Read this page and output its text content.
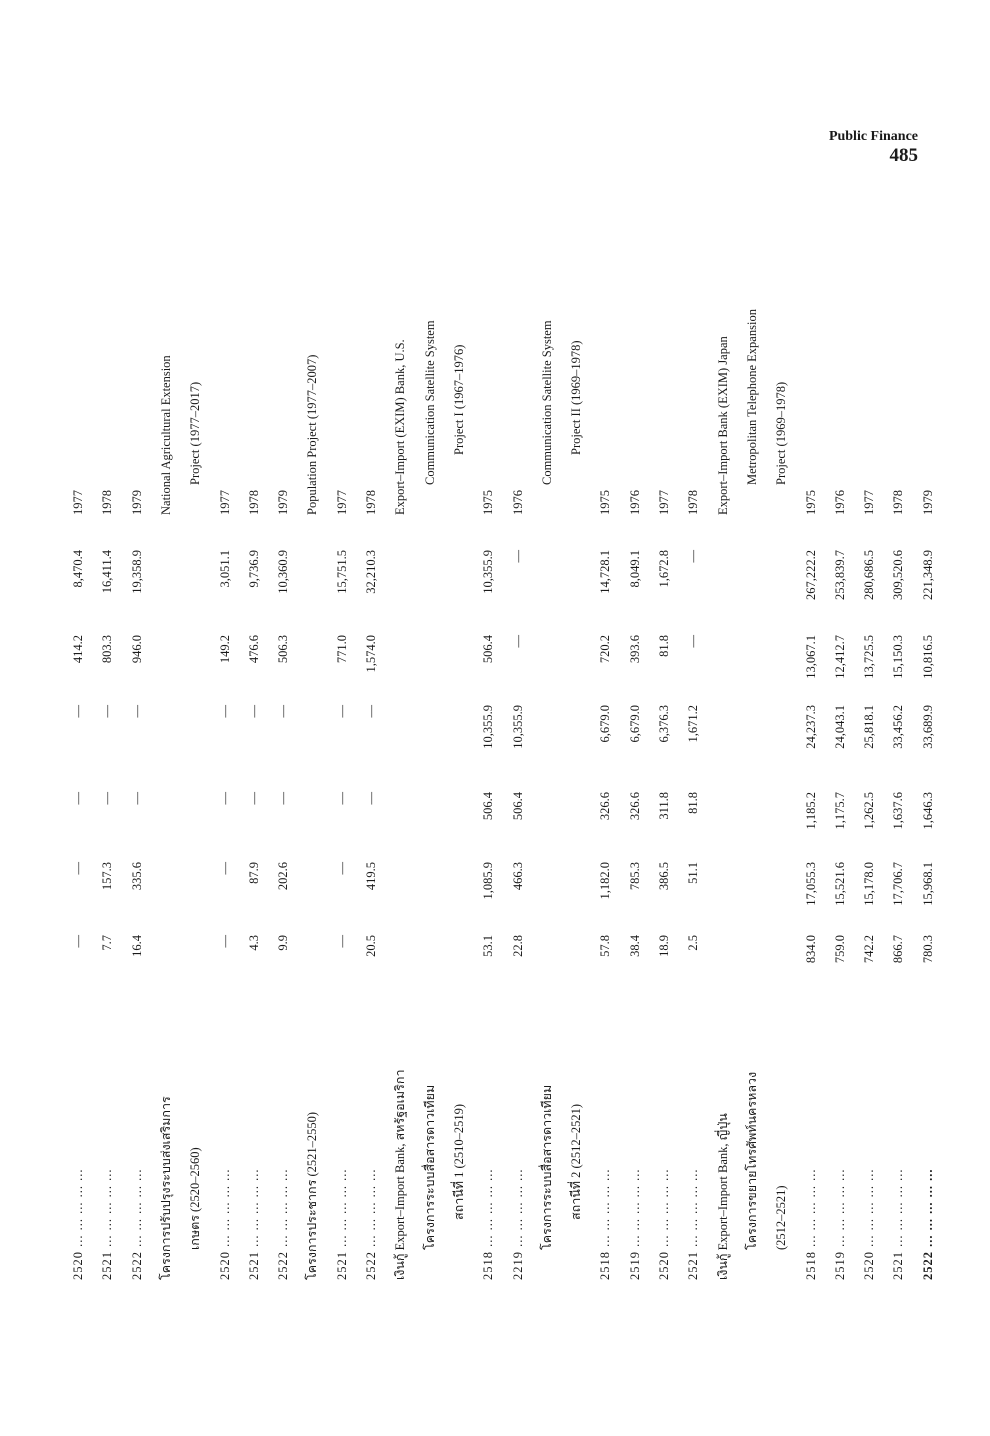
Public Finance
485
2520 ... ... ... ... ...
—
—
—
—
414.2
8,470.4
1977
2521 ... ... ... ... ...
7.7
157.3
—
—
803.3
16,411.4
1978
2522 ... ... ... ... ...
16.4
335.6
—
—
946.0
19,358.9
1979
โครงการปรับปรุงระบบส่งเสริมการ
National Agricultural Extension
เกษตร (2520–2560)
Project (1977–2017)
2520 ... ... ... ... ...
—
—
—
—
149.2
3,051.1
1977
2521 ... ... ... ... ...
4.3
87.9
—
—
476.6
9,736.9
1978
2522 ... ... ... ... ...
9.9
202.6
—
—
506.3
10,360.9
1979
โครงการประชากร (2521–2550)
Population Project (1977–2007)
2521 ... ... ... ... ...
—
—
—
—
771.0
15,751.5
1977
2522 ... ... ... ... ...
20.5
419.5
—
—
1,574.0
32,210.3
1978
เงินกู้ Export–Import Bank, สหรัฐอเมริกา
Export–Import (EXIM) Bank, U.S.
โครงการระบบสื่อสารดาวเทียม
Communication Satellite System
สถานีที่ 1 (2510–2519)
Project I (1967–1976)
2518 ... ... ... ... ...
53.1
1,085.9
506.4
10,355.9
506.4
10,355.9
1975
2219 ... ... ... ... ...
22.8
466.3
506.4
10,355.9
—
—
1976
โครงการระบบสื่อสารดาวเทียม
Communication Satellite System
สถานีที่ 2 (2512–2521)
Project II (1969–1978)
2518 ... ... ... ... ...
57.8
1,182.0
326.6
6,679.0
720.2
14,728.1
1975
2519 ... ... ... ... ...
38.4
785.3
326.6
6,679.0
393.6
8,049.1
1976
2520 ... ... ... ... ...
18.9
386.5
311.8
6,376.3
81.8
1,672.8
1977
2521 ... ... ... ... ...
2.5
51.1
81.8
1,671.2
—
—
1978
เงินกู้ Export–Import Bank, ญี่ปุ่น
Export–Import Bank (EXIM) Japan
โครงการขยายโทรศัพท์นครหลวง
Metropolitan Telephone Expansion
(2512–2521)
Project (1969–1978)
2518 ... ... ... ... ...
834.0
17,055.3
1,185.2
24,237.3
13,067.1
267,222.2
1975
2519 ... ... ... ... ...
759.0
15,521.6
1,175.7
24,043.1
12,412.7
253,839.7
1976
2520 ... ... ... ... ...
742.2
15,178.0
1,262.5
25,818.1
13,725.5
280,686.5
1977
2521 ... ... ... ... ...
866.7
17,706.7
1,637.6
33,456.2
15,150.3
309,520.6
1978
2522 ... ... ... ... ...
780.3
15,968.1
1,646.3
33,689.9
10,816.5
221,348.9
1979
